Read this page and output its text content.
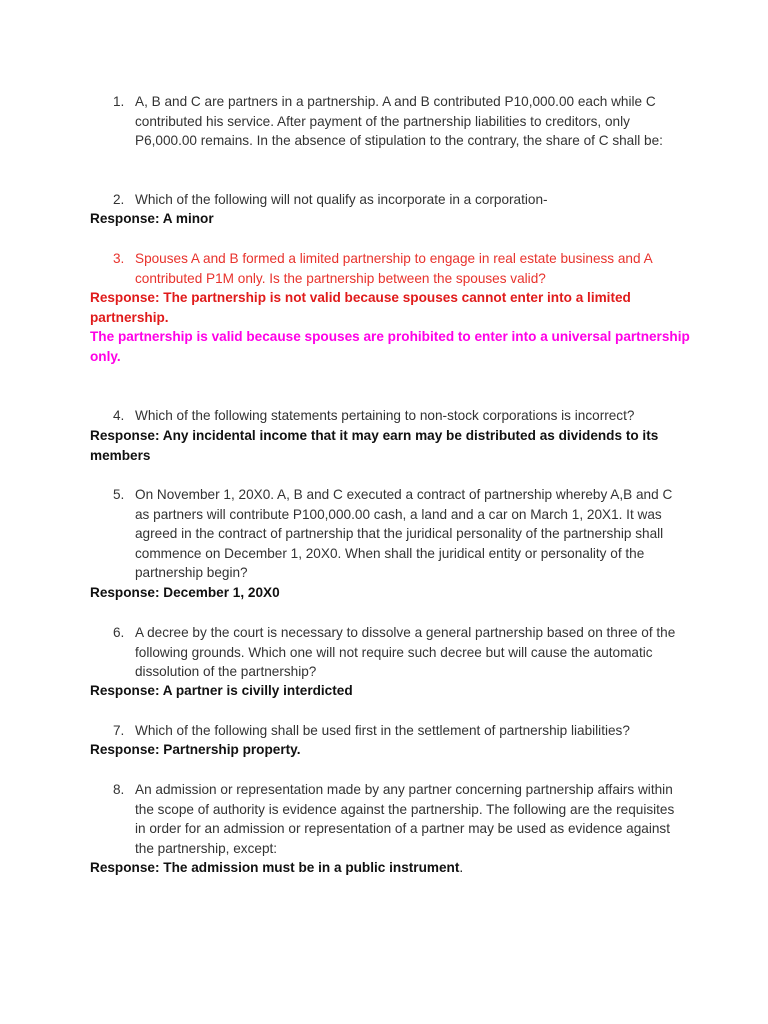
1. A, B and C are partners in a partnership. A and B contributed P10,000.00 each while C contributed his service. After payment of the partnership liabilities to creditors, only P6,000.00 remains. In the absence of stipulation to the contrary, the share of C shall be:
2. Which of the following will not qualify as incorporate in a corporation-
Response: A minor
3. Spouses A and B formed a limited partnership to engage in real estate business and A contributed P1M only. Is the partnership between the spouses valid?
Response: The partnership is not valid because spouses cannot enter into a limited partnership.
The partnership is valid because spouses are prohibited to enter into a universal partnership only.
4. Which of the following statements pertaining to non-stock corporations is incorrect?
Response: Any incidental income that it may earn may be distributed as dividends to its members
5. On November 1, 20X0. A, B and C executed a contract of partnership whereby A,B and C as partners will contribute P100,000.00 cash, a land and a car on March 1, 20X1. It was agreed in the contract of partnership that the juridical personality of the partnership shall commence on December 1, 20X0. When shall the juridical entity or personality of the partnership begin?
Response: December 1, 20X0
6. A decree by the court is necessary to dissolve a general partnership based on three of the following grounds. Which one will not require such decree but will cause the automatic dissolution of the partnership?
Response: A partner is civilly interdicted
7. Which of the following shall be used first in the settlement of partnership liabilities?
Response: Partnership property.
8. An admission or representation made by any partner concerning partnership affairs within the scope of authority is evidence against the partnership. The following are the requisites in order for an admission or representation of a partner may be used as evidence against the partnership, except:
Response: The admission must be in a public instrument.
